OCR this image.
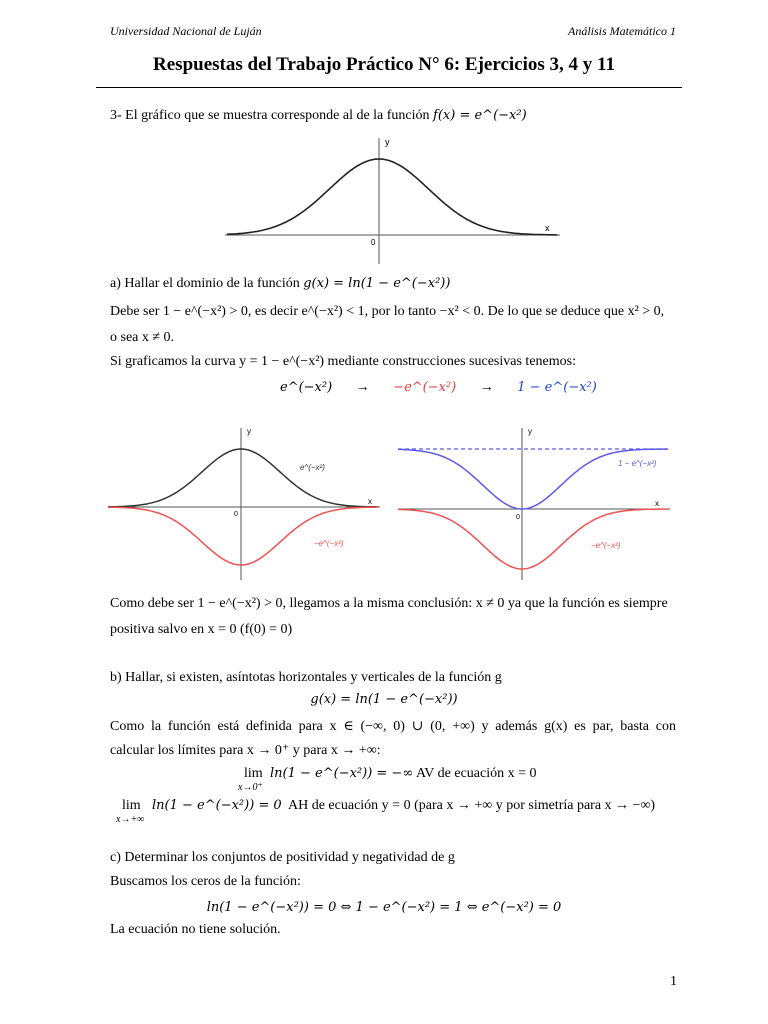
Universidad Nacional de Luján	Análisis Matemático 1
Respuestas del Trabajo Práctico N° 6: Ejercicios 3, 4 y 11
3- El gráfico que se muestra corresponde al de la función f(x) = e^(−x²)
y
x
0
a) Hallar el dominio de la función g(x) = ln(1 − e^(−x²))
Debe ser 1 − e^(−x²) > 0, es decir e^(−x²) < 1, por lo tanto −x² < 0. De lo que se deduce que x² > 0,
o sea x ≠ 0.
Si graficamos la curva y = 1 − e^(−x²) mediante construcciones sucesivas tenemos:
e^(−x²) → −e^(−x²) → 1 − e^(−x²)
y
x
0
e^(−x²)
−e^(−x²)
y
x
0
1 − e^(−x²)
−e^(−x²)
Como debe ser 1 − e^(−x²) > 0, llegamos a la misma conclusión: x ≠ 0 ya que la función es siempre
positiva salvo en x = 0 (f(0) = 0)
b) Hallar, si existen, asíntotas horizontales y verticales de la función g
g(x) = ln(1 − e^(−x²))
Como la función está definida para x ∈ (−∞, 0) ∪ (0, +∞) y además g(x) es par, basta con
calcular los límites para x → 0⁺ y para x → +∞:
lim
x→0⁺
ln(1 − e^(−x²)) = −∞ AV de ecuación x = 0
lim
x→+∞
ln(1 − e^(−x²)) = 0 AH de ecuación y = 0 (para x → +∞ y por simetría para x → −∞)
c) Determinar los conjuntos de positividad y negatividad de g
Buscamos los ceros de la función:
ln(1 − e^(−x²)) = 0 ⇔ 1 − e^(−x²) = 1 ⇔ e^(−x²) = 0
La ecuación no tiene solución.
1
